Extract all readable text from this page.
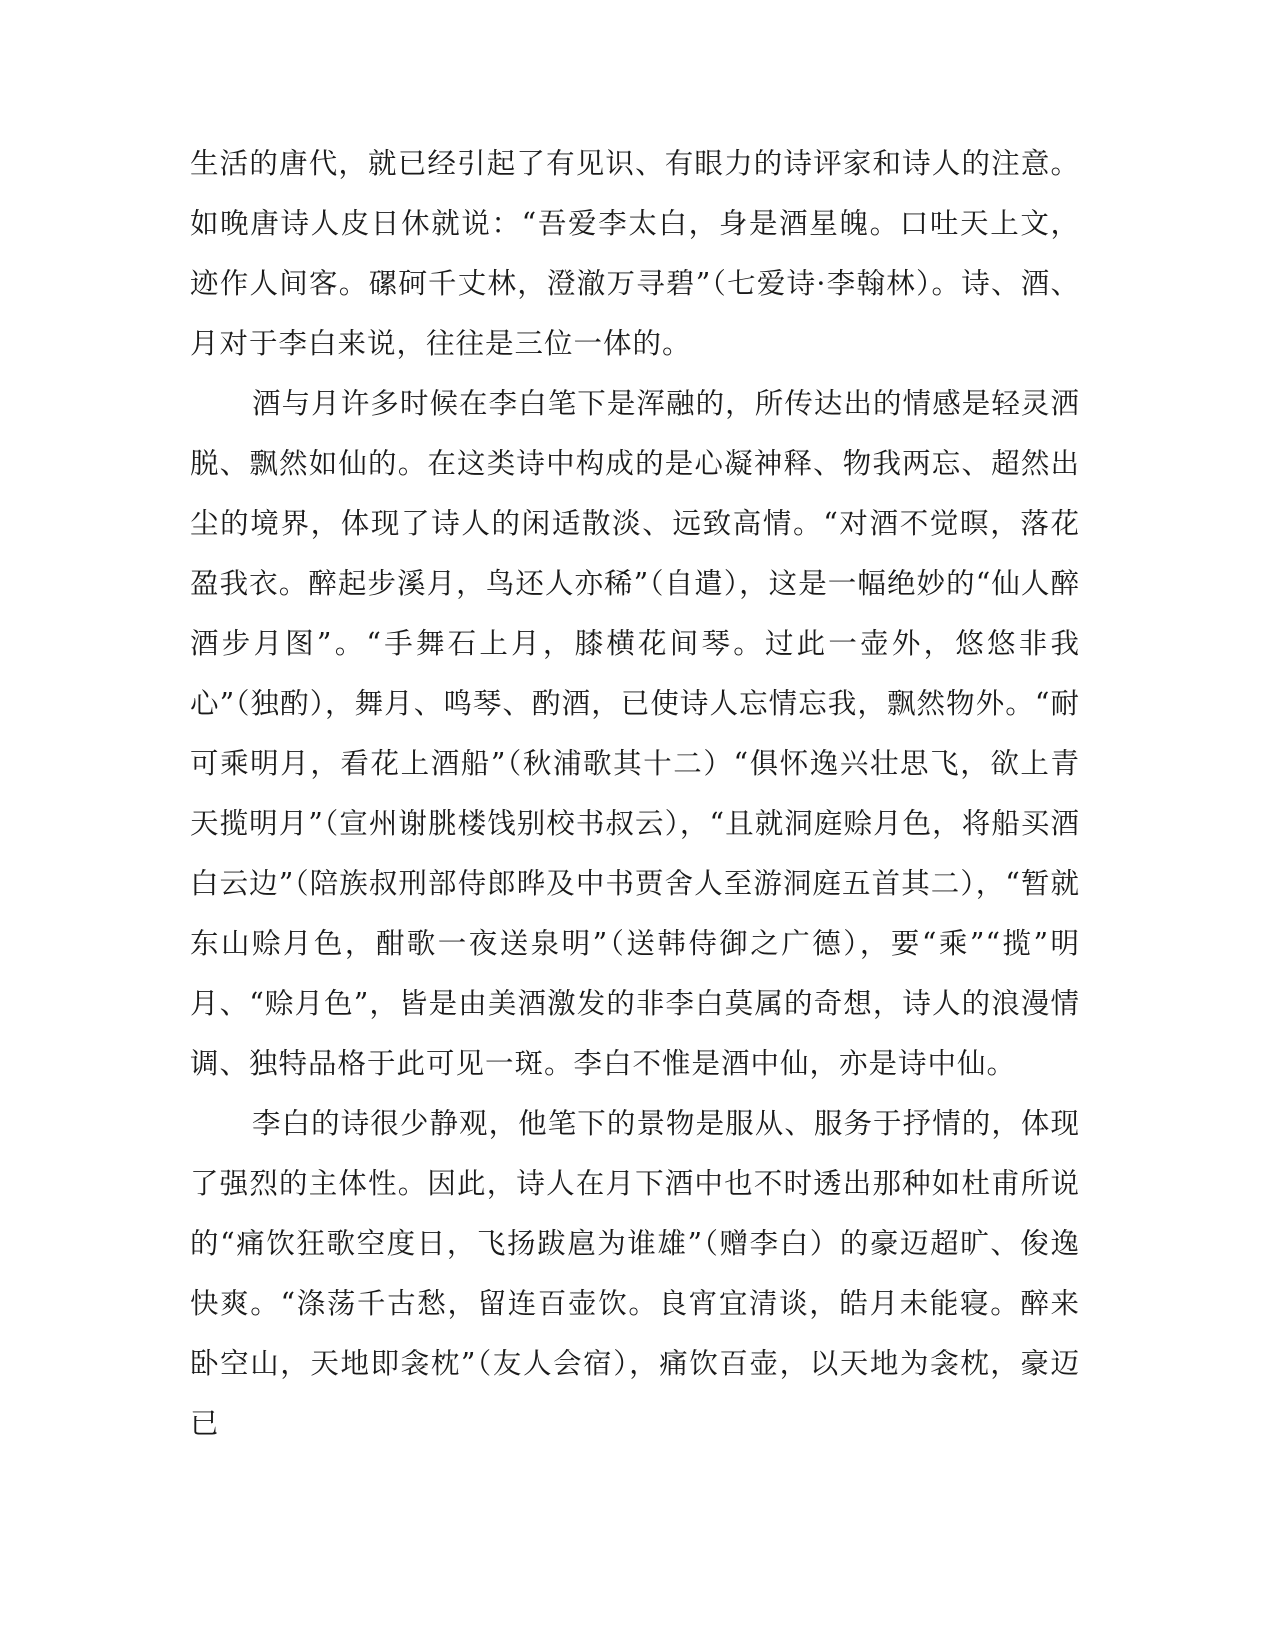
生活的唐代，就已经引起了有见识、有眼力的诗评家和诗人的注意。如晚唐诗人皮日休就说：“吾爱李太白，身是酒星魄。口吐天上文，迹作人间客。磥砢千丈林，澄澈万寻碧”（七爱诗·李翰林）。诗、酒、月对于李白来说，往往是三位一体的。

酒与月许多时候在李白笔下是浑融的，所传达出的情感是轻灵洒脱、飘然如仙的。在这类诗中构成的是心凝神释、物我两忘、超然出尘的境界，体现了诗人的闲适散淡、远致高情。“对酒不觉暝，落花盈我衣。醉起步溪月，鸟还人亦稀”（自遣），这是一幅绝妙的“仙人醉酒步月图”。“手舞石上月，膝横花间琴。过此一壶外，悠悠非我心”（独酌），舞月、鸣琴、酌酒，已使诗人忘情忘我，飘然物外。“耐可乘明月，看花上酒船”（秋浦歌其十二）“俱怀逸兴壮思飞，欲上青天揽明月”（宣州谢朓楼饯别校书叔云），“且就洞庭赊月色，将船买酒白云边”（陪族叔刑部侍郎晔及中书贾舍人至游洞庭五首其二），“暂就东山赊月色，酣歌一夜送泉明”（送韩侍御之广德），要“乘”“揽”明月、“赊月色”，皆是由美酒激发的非李白莫属的奇想，诗人的浪漫情调、独特品格于此可见一斑。李白不惟是酒中仙，亦是诗中仙。

李白的诗很少静观，他笔下的景物是服从、服务于抒情的，体现了强烈的主体性。因此，诗人在月下酒中也不时透出那种如杜甫所说的“痛饮狂歌空度日，飞扬跋扈为谁雄”（赠李白）的豪迈超旷、俊逸快爽。“涤荡千古愁，留连百壶饮。良宵宜清谈，皓月未能寝。醉来卧空山，天地即衾枕”（友人会宿），痛饮百壶，以天地为衾枕，豪迈已
